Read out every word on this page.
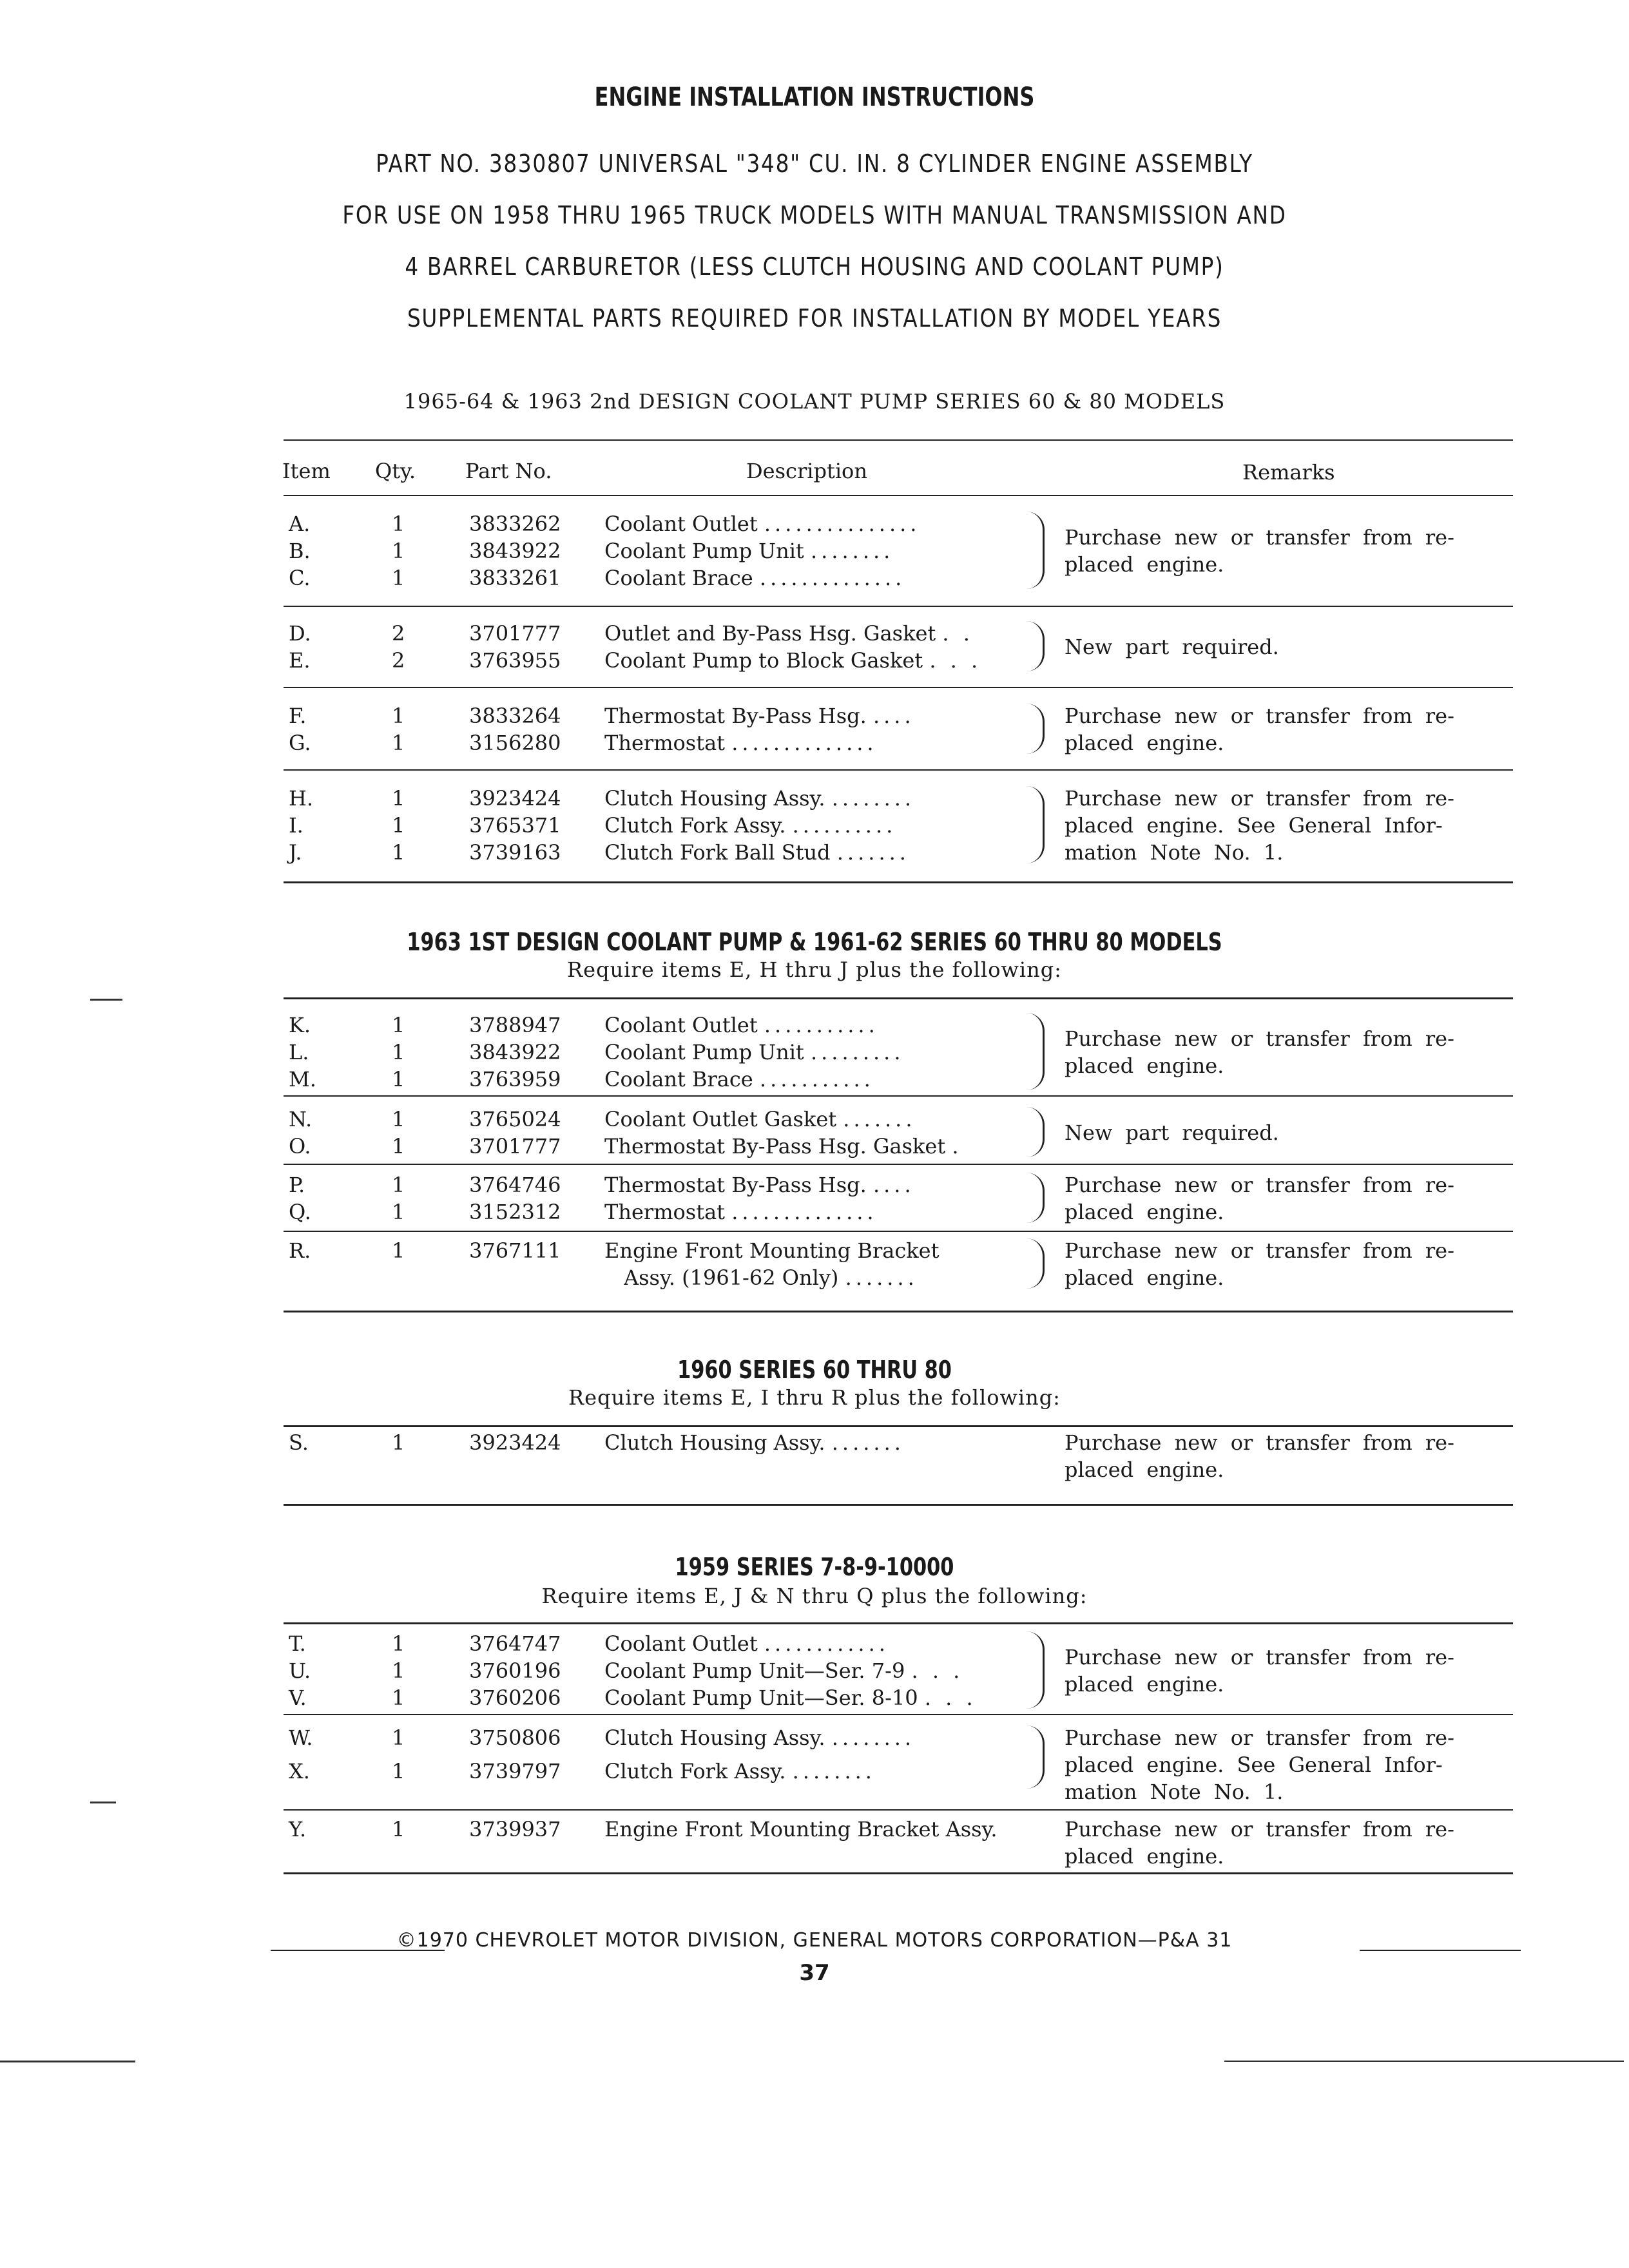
ENGINE INSTALLATION INSTRUCTIONS
PART NO. 3830807 UNIVERSAL "348" CU. IN. 8 CYLINDER ENGINE ASSEMBLY
FOR USE ON 1958 THRU 1965 TRUCK MODELS WITH MANUAL TRANSMISSION AND
4 BARREL CARBURETOR (LESS CLUTCH HOUSING AND COOLANT PUMP)
SUPPLEMENTAL PARTS REQUIRED FOR INSTALLATION BY MODEL YEARS
1965-64 & 1963 2nd DESIGN COOLANT PUMP SERIES 60 & 80 MODELS
Item Qty. Part No.	Description	Remarks
1963 1ST DESIGN COOLANT PUMP & 1961-62 SERIES 60 THRU 80 MODELS
Require items E, H thru J plus the following:
1960 SERIES 60 THRU 80
Require items E, I thru R plus the following:
1959 SERIES 7-8-9-10000
Require items E, J & N thru Q plus the following:
A.	1	3833262	Coolant Outlet ...............
B.	1	3843922	Coolant Pump Unit ........
C.	1	3833261	Coolant Brace ..............
Purchase new or transfer from re- placed engine.
D.	2	3701777	Outlet and By-Pass Hsg. Gasket . .
E.	2	3763955	Coolant Pump to Block Gasket . . .
New part required.
F.	1	3833264	Thermostat By-Pass Hsg. ....
G.	1	3156280	Thermostat ..............
Purchase new or transfer from re- placed engine.
H.	1	3923424	Clutch Housing Assy. ........
I.	1	3765371	Clutch Fork Assy. ..........
J.	1	3739163	Clutch Fork Ball Stud .......
Purchase new or transfer from re- placed engine. See General Infor- mation Note No. 1.
K.	1	3788947	Coolant Outlet ...........
L.	1	3843922	Coolant Pump Unit .........
M.	1	3763959	Coolant Brace ...........
Purchase new or transfer from re- placed engine.
N.	1	3765024	Coolant Outlet Gasket .......
O.	1	3701777	Thermostat By-Pass Hsg. Gasket .
New part required.
P.	1	3764746	Thermostat By-Pass Hsg. ....
Q.	1	3152312	Thermostat ..............
Purchase new or transfer from re- placed engine.
R.	1	3767111	Engine Front Mounting Bracket
Assy. (1961-62 Only) .......
Purchase new or transfer from re- placed engine.
S.	1	3923424	Clutch Housing Assy. .......	Purchase new or transfer from re- placed engine.
T.	1	3764747	Coolant Outlet ............
U.	1	3760196	Coolant Pump Unit—Ser. 7-9 . . .
V.	1	3760206	Coolant Pump Unit—Ser. 8-10 . . .
Purchase new or transfer from re- placed engine.
W.	1	3750806	Clutch Housing Assy. ........
X.	1	3739797	Clutch Fork Assy. ........
Purchase new or transfer from re- placed engine. See General Infor- mation Note No. 1.
Y.	1	3739937	Engine Front Mounting Bracket Assy.	Purchase new or transfer from re- placed engine.
©1970 CHEVROLET MOTOR DIVISION, GENERAL MOTORS CORPORATION—P&A 31
37
